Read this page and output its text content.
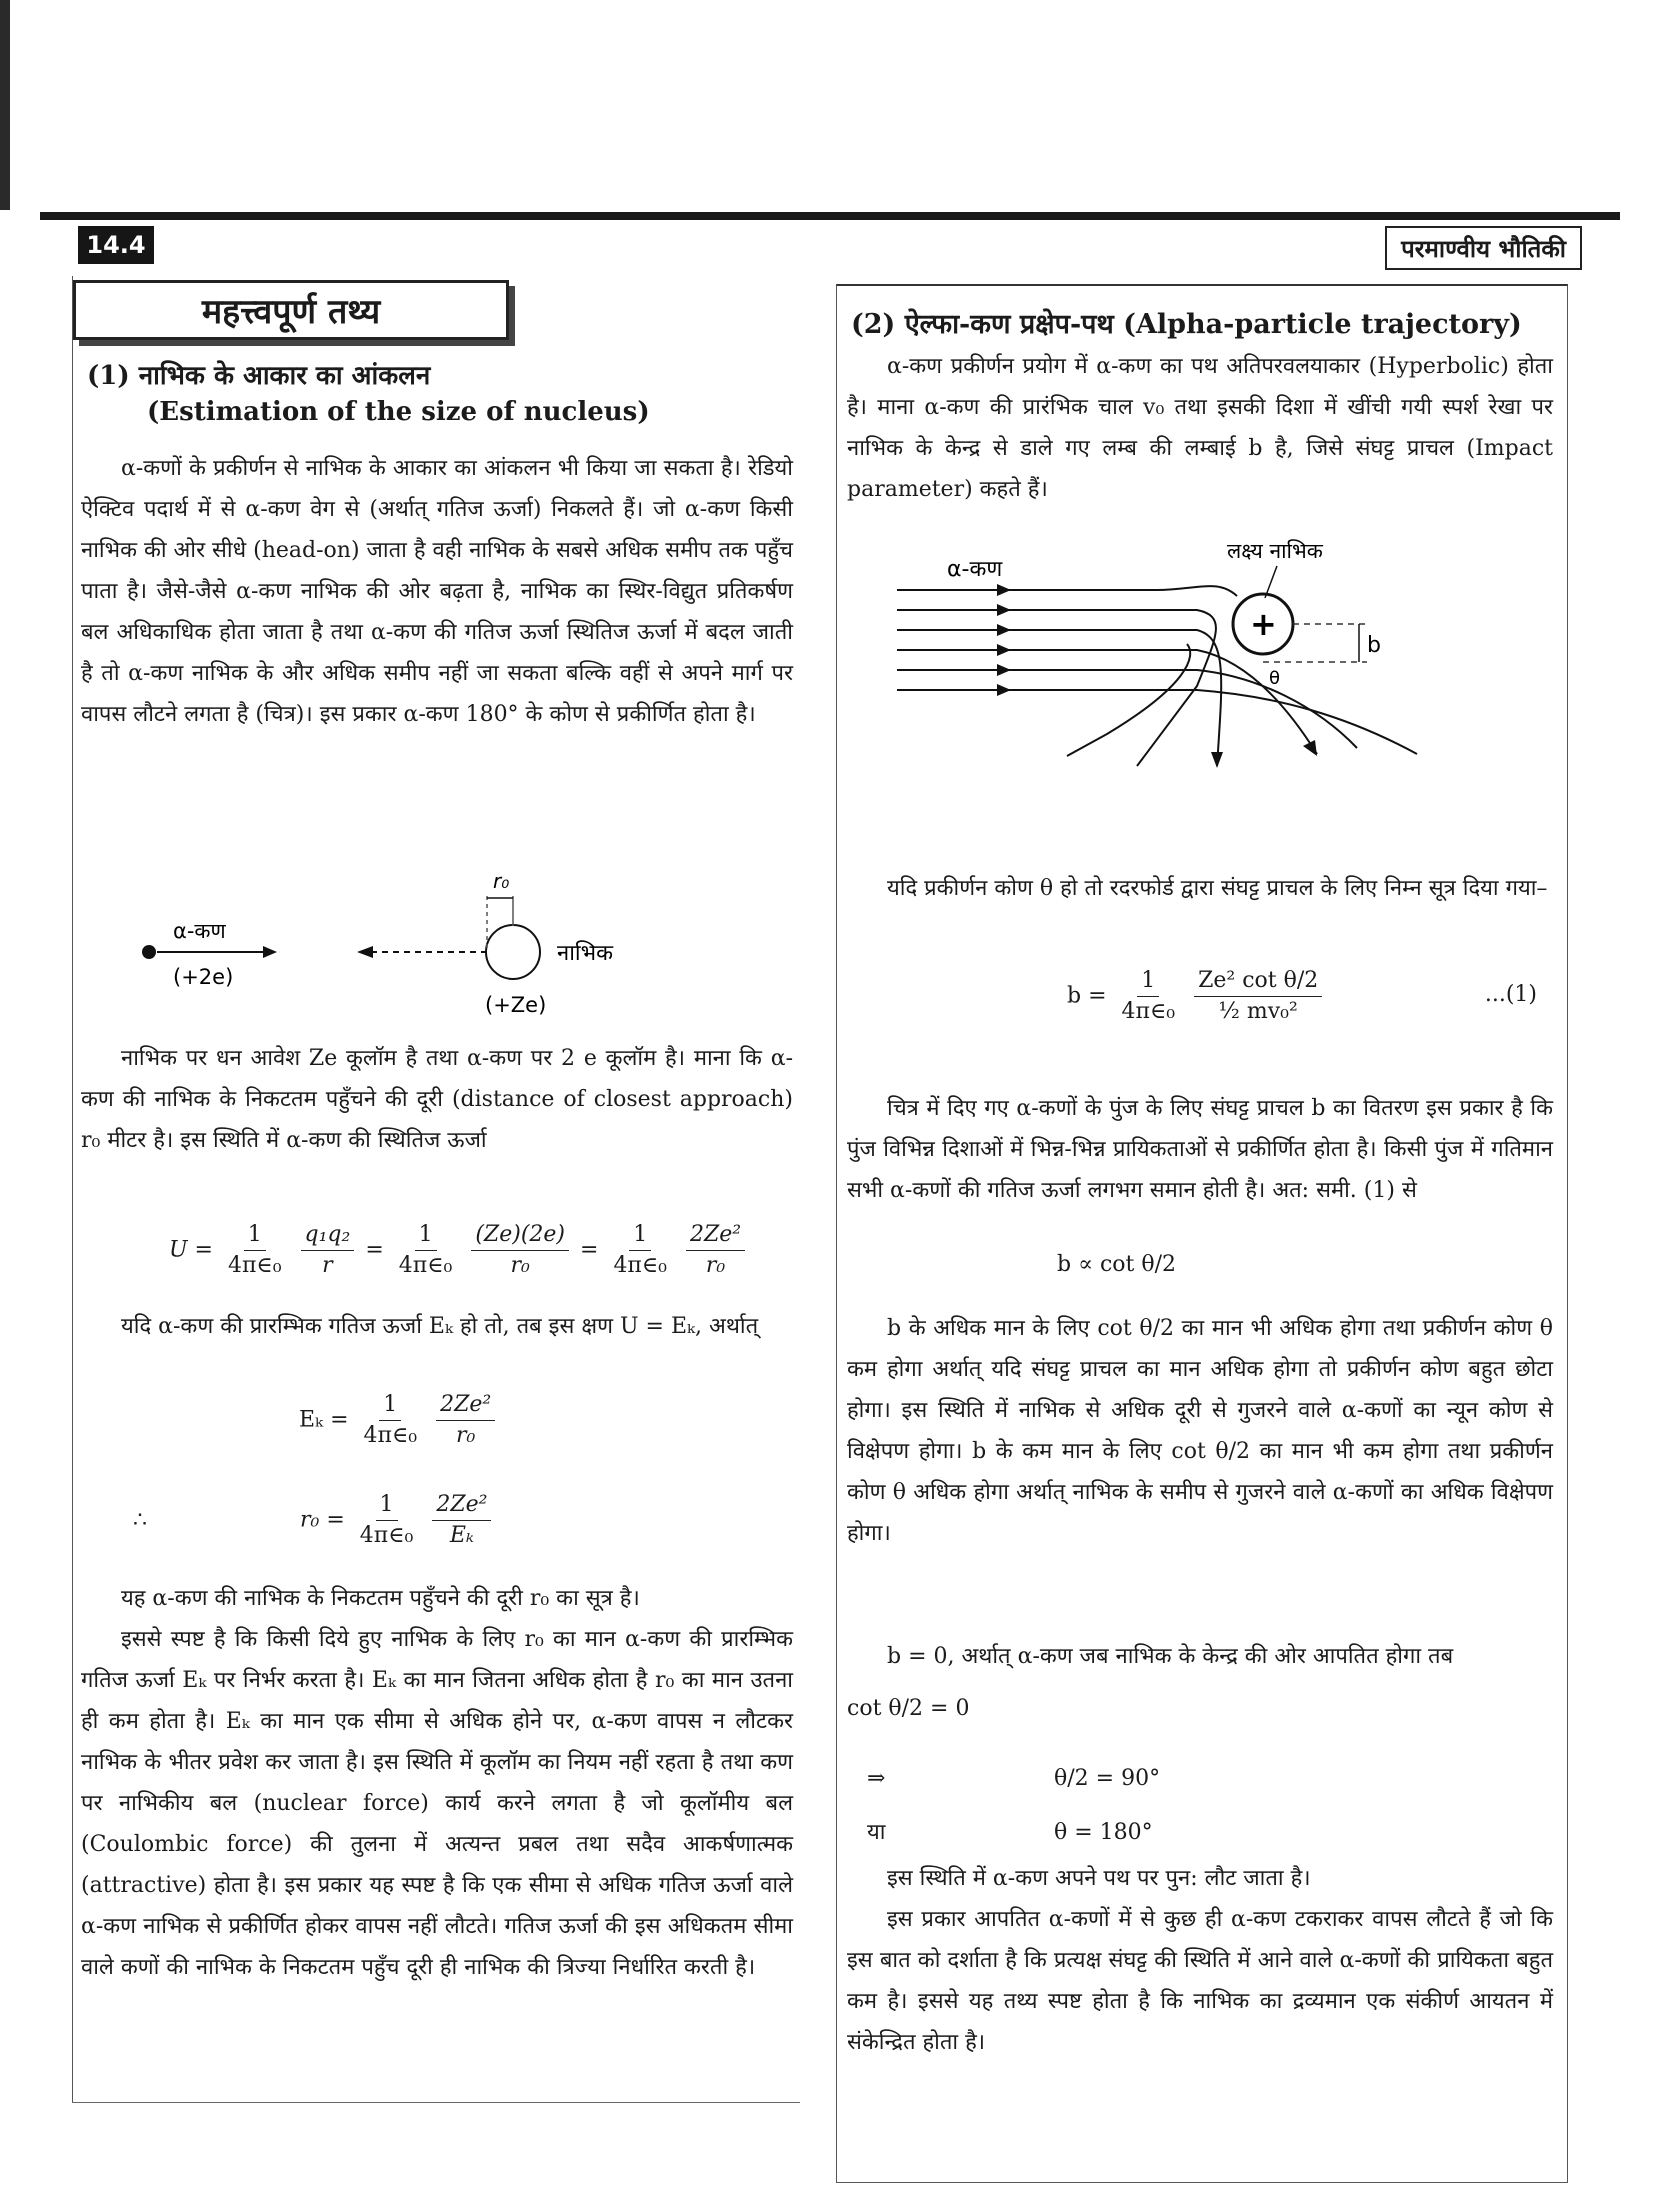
14.4	परमाण्वीय भौतिकी
महत्त्वपूर्ण तथ्य
(1) नाभिक के आकार का आंकलन
(Estimation of the size of nucleus)

α-कणों के प्रकीर्णन से नाभिक के आकार का आंकलन भी किया जा सकता है। रेडियो ऐक्टिव पदार्थ में से α-कण वेग से (अर्थात् गतिज ऊर्जा) निकलते हैं। जो α-कण किसी नाभिक की ओर सीधे (head-on) जाता है वही नाभिक के सबसे अधिक समीप तक पहुँच पाता है। जैसे-जैसे α-कण नाभिक की ओर बढ़ता है, नाभिक का स्थिर-विद्युत प्रतिकर्षण बल अधिकाधिक होता जाता है तथा α-कण की गतिज ऊर्जा स्थितिज ऊर्जा में बदल जाती है तो α-कण नाभिक के और अधिक समीप नहीं जा सकता बल्कि वहीं से अपने मार्ग पर वापस लौटने लगता है (चित्र)। इस प्रकार α-कण 180° के कोण से प्रकीर्णित होता है।

α-कण
(+2e)
r₀
नाभिक
(+Ze)

नाभिक पर धन आवेश Ze कूलॉम है तथा α-कण पर 2 e कूलॉम है। माना कि α-कण की नाभिक के निकटतम पहुँचने की दूरी (distance of closest approach) r₀ मीटर है। इस स्थिति में α-कण की स्थितिज ऊर्जा

$U = \frac{1}{\text{4π∈₀}}$
$\frac{\text{q₁q₂}}{r} = \frac{1}{\text{4π∈₀}}$
$\frac{(Ze)(2e)}{\text{r₀}} = \frac{1}{\text{4π∈₀}}$
$\frac{\text{2Ze²}}{\text{r₀}}$

यदि α-कण की प्रारम्भिक गतिज ऊर्जा Eₖ हो तो, तब इस क्षण U = Eₖ, अर्थात्

$E_k = \frac{1}{\text{4π∈₀}}$
$\frac{\text{2Ze²}}{\text{r₀}}$
∴	$r_0 = \frac{1}{\text{4π∈₀}}$
$\frac{\text{2Ze²}}{\text{Eₖ}}$

यह α-कण की नाभिक के निकटतम पहुँचने की दूरी r₀ का सूत्र है।

इससे स्पष्ट है कि किसी दिये हुए नाभिक के लिए r₀ का मान α-कण की प्रारम्भिक गतिज ऊर्जा Eₖ पर निर्भर करता है। Eₖ का मान जितना अधिक होता है r₀ का मान उतना ही कम होता है। Eₖ का मान एक सीमा से अधिक होने पर, α-कण वापस न लौटकर नाभिक के भीतर प्रवेश कर जाता है। इस स्थिति में कूलॉम का नियम नहीं रहता है तथा कण पर नाभिकीय बल (nuclear force) कार्य करने लगता है जो कूलॉमीय बल (Coulombic force) की तुलना में अत्यन्त प्रबल तथा सदैव आकर्षणात्मक (attractive) होता है। इस प्रकार यह स्पष्ट है कि एक सीमा से अधिक गतिज ऊर्जा वाले α-कण नाभिक से प्रकीर्णित होकर वापस नहीं लौटते। गतिज ऊर्जा की इस अधिकतम सीमा वाले कणों की नाभिक के निकटतम पहुँच दूरी ही नाभिक की त्रिज्या निर्धारित करती है।

(2) ऐल्फा-कण प्रक्षेप-पथ (Alpha-particle trajectory)

α-कण प्रकीर्णन प्रयोग में α-कण का पथ अतिपरवलयाकार (Hyperbolic) होता है। माना α-कण की प्रारंभिक चाल v₀ तथा इसकी दिशा में खींची गयी स्पर्श रेखा पर नाभिक के केन्द्र से डाले गए लम्ब की लम्बाई b है, जिसे संघट्ट प्राचल (Impact parameter) कहते हैं।

α-कण
लक्ष्य नाभिक
+
b
θ

यदि प्रकीर्णन कोण θ हो तो रदरफोर्ड द्वारा संघट्ट प्राचल के लिए निम्न सूत्र दिया गया–

$b = \frac{1}{\text{4π∈₀}}$
$\frac{\text{Ze² cot θ/2}}{\text{½ mv₀²}}$	...(1)

चित्र में दिए गए α-कणों के पुंज के लिए संघट्ट प्राचल b का वितरण इस प्रकार है कि पुंज विभिन्न दिशाओं में भिन्न-भिन्न प्रायिकताओं से प्रकीर्णित होता है। किसी पुंज में गतिमान सभी α-कणों की गतिज ऊर्जा लगभग समान होती है। अत: समी. (1) से

b ∝ cot θ/2

b के अधिक मान के लिए cot θ/2 का मान भी अधिक होगा तथा प्रकीर्णन कोण θ कम होगा अर्थात् यदि संघट्ट प्राचल का मान अधिक होगा तो प्रकीर्णन कोण बहुत छोटा होगा। इस स्थिति में नाभिक से अधिक दूरी से गुजरने वाले α-कणों का न्यून कोण से विक्षेपण होगा। b के कम मान के लिए cot θ/2 का मान भी कम होगा तथा प्रकीर्णन कोण θ अधिक होगा अर्थात् नाभिक के समीप से गुजरने वाले α-कणों का अधिक विक्षेपण होगा।

b = 0, अर्थात् α-कण जब नाभिक के केन्द्र की ओर आपतित होगा तब

cot θ/2 = 0
⇒	θ/2 = 90°
या	θ = 180°

इस स्थिति में α-कण अपने पथ पर पुन: लौट जाता है।

इस प्रकार आपतित α-कणों में से कुछ ही α-कण टकराकर वापस लौटते हैं जो कि इस बात को दर्शाता है कि प्रत्यक्ष संघट्ट की स्थिति में आने वाले α-कणों की प्रायिकता बहुत कम है। इससे यह तथ्य स्पष्ट होता है कि नाभिक का द्रव्यमान एक संकीर्ण आयतन में संकेन्द्रित होता है।
